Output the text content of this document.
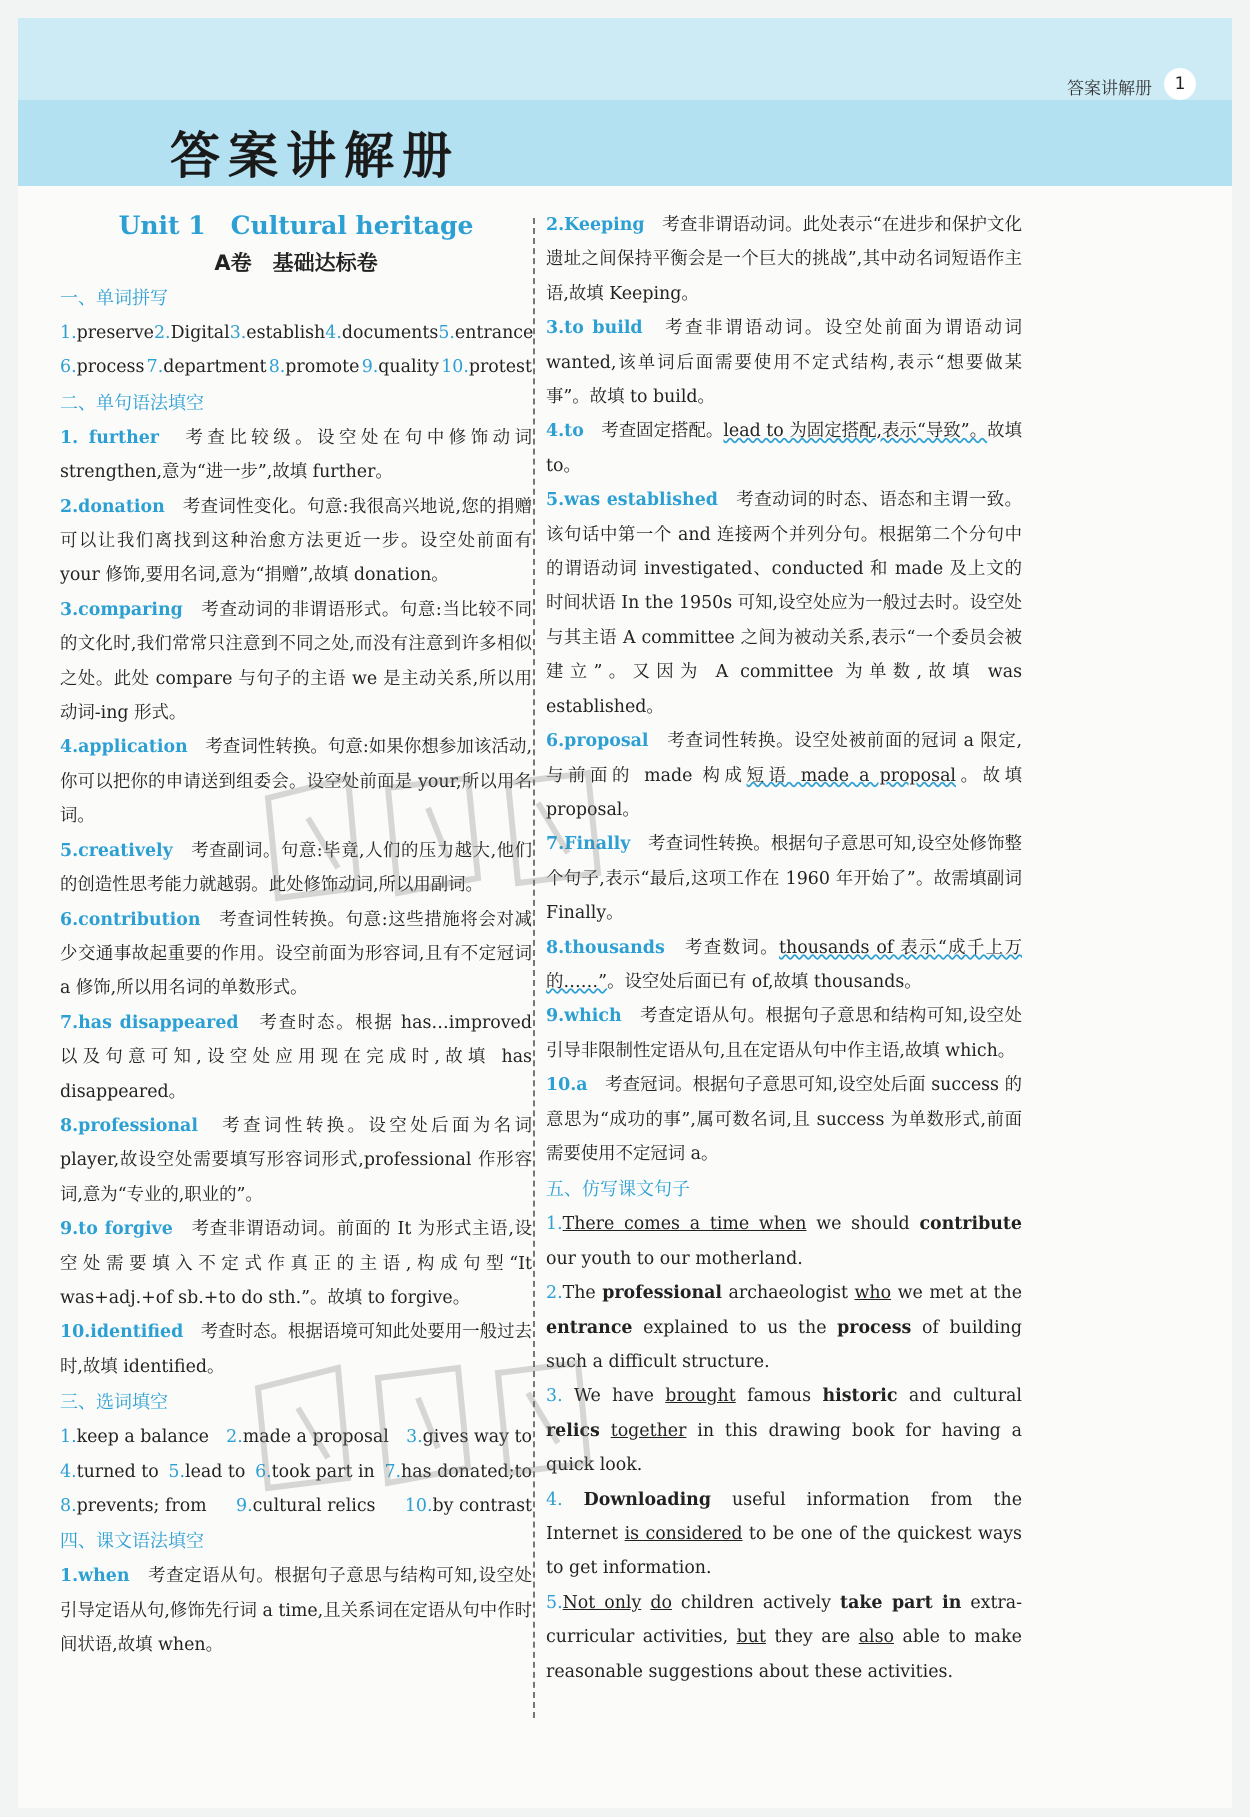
答案讲解册	1
答案讲解册
Unit 1　Cultural heritage
A卷　基础达标卷
一、单词拼写
1.preserve 2.Digital 3.establish 4.documents 5.entrance
6.process 7.department 8.promote 9.quality 10.protest
二、单句语法填空

1. further　考查比较级。设空处在句中修饰动词 strengthen,意为“进一步”,故填 further。

2.donation　考查词性变化。句意:我很高兴地说,您的捐赠可以让我们离找到这种治愈方法更近一步。设空处前面有 your 修饰,要用名词,意为“捐赠”,故填 donation。

3.comparing　考查动词的非谓语形式。句意:当比较不同的文化时,我们常常只注意到不同之处,而没有注意到许多相似之处。此处 compare 与句子的主语 we 是主动关系,所以用动词-ing 形式。

4.application　考查词性转换。句意:如果你想参加该活动,你可以把你的申请送到组委会。设空处前面是 your,所以用名词。

5.creatively　考查副词。句意:毕竟,人们的压力越大,他们的创造性思考能力就越弱。此处修饰动词,所以用副词。

6.contribution　考查词性转换。句意:这些措施将会对减少交通事故起重要的作用。设空前面为形容词,且有不定冠词 a 修饰,所以用名词的单数形式。

7.has disappeared　考查时态。根据 has…improved 以及句意可知,设空处应用现在完成时,故填 has disappeared。

8.professional　考查词性转换。设空处后面为名词 player,故设空处需要填写形容词形式,professional 作形容词,意为“专业的,职业的”。

9.to forgive　考查非谓语动词。前面的 It 为形式主语,设空处需要填入不定式作真正的主语,构成句型“It was+adj.+of sb.+to do sth.”。故填 to forgive。

10.identified　考查时态。根据语境可知此处要用一般过去时,故填 identified。

三、选词填空
1.keep a balance 2.made a proposal 3.gives way to
4.turned to 5.lead to 6.took part in 7.has donated;to
8.prevents; from 9.cultural relics 10.by contrast
四、课文语法填空

1.when　考查定语从句。根据句子意思与结构可知,设空处引导定语从句,修饰先行词 a time,且关系词在定语从句中作时间状语,故填 when。

2.Keeping　考查非谓语动词。此处表示“在进步和保护文化遗址之间保持平衡会是一个巨大的挑战”,其中动名词短语作主语,故填 Keeping。

3.to build　考查非谓语动词。设空处前面为谓语动词 wanted,该单词后面需要使用不定式结构,表示“想要做某事”。故填 to build。

4.to　考查固定搭配。lead to 为固定搭配,表示“导致”。故填 to。

5.was established　考查动词的时态、语态和主谓一致。该句话中第一个 and 连接两个并列分句。根据第二个分句中的谓语动词 investigated、conducted 和 made 及上文的时间状语 In the 1950s 可知,设空处应为一般过去时。设空处与其主语 A committee 之间为被动关系,表示“一个委员会被建立”。又因为 A committee 为单数,故填 was established。

6.proposal　考查词性转换。设空处被前面的冠词 a 限定,与前面的 made 构成短语 made a proposal。故填 proposal。

7.Finally　考查词性转换。根据句子意思可知,设空处修饰整个句子,表示“最后,这项工作在 1960 年开始了”。故需填副词 Finally。

8.thousands　考查数词。thousands of 表示“成千上万的……”。设空处后面已有 of,故填 thousands。

9.which　考查定语从句。根据句子意思和结构可知,设空处引导非限制性定语从句,且在定语从句中作主语,故填 which。

10.a　考查冠词。根据句子意思可知,设空处后面 success 的意思为“成功的事”,属可数名词,且 success 为单数形式,前面需要使用不定冠词 a。

五、仿写课文句子

1.There comes a time when we should contribute our youth to our motherland.

2.The professional archaeologist who we met at the entrance explained to us the process of building such a difficult structure.

3. We have brought famous historic and cultural relics together in this drawing book for having a quick look.

4. Downloading useful information from the Internet is considered to be one of the quickest ways to get information.

5.Not only do children actively take part in extra-curricular activities, but they are also able to make reasonable suggestions about these activities.
